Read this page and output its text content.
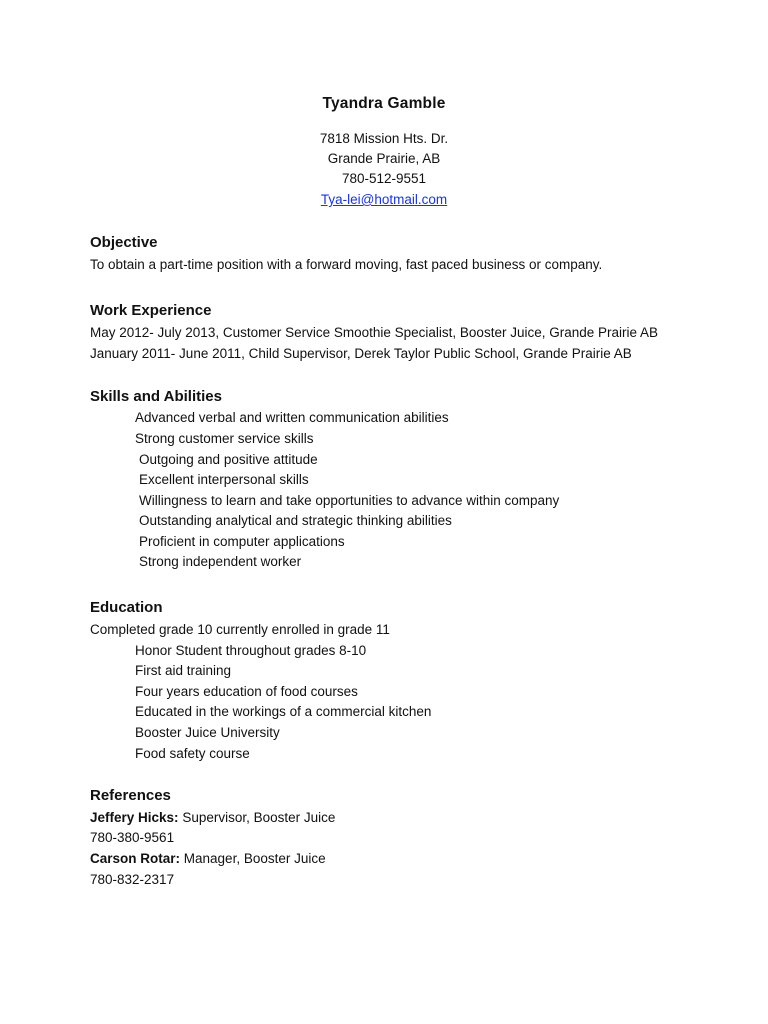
Tyandra Gamble
7818 Mission Hts. Dr.
Grande Prairie, AB
780-512-9551
Tya-lei@hotmail.com
Objective
To obtain a part-time position with a forward moving, fast paced business or company.
Work Experience
May 2012- July 2013, Customer Service Smoothie Specialist, Booster Juice, Grande Prairie AB
January 2011- June 2011, Child Supervisor, Derek Taylor Public School, Grande Prairie AB
Skills and Abilities
Advanced verbal and written communication abilities
Strong customer service skills
Outgoing and positive attitude
Excellent interpersonal skills
Willingness to learn and take opportunities to advance within company
Outstanding analytical and strategic thinking abilities
Proficient in computer applications
Strong independent worker
Education
Completed grade 10 currently enrolled in grade 11
Honor Student throughout grades 8-10
First aid training
Four years education of food courses
Educated in the workings of a commercial kitchen
Booster Juice University
Food safety course
References
Jeffery Hicks: Supervisor, Booster Juice
780-380-9561
Carson Rotar: Manager, Booster Juice
780-832-2317
